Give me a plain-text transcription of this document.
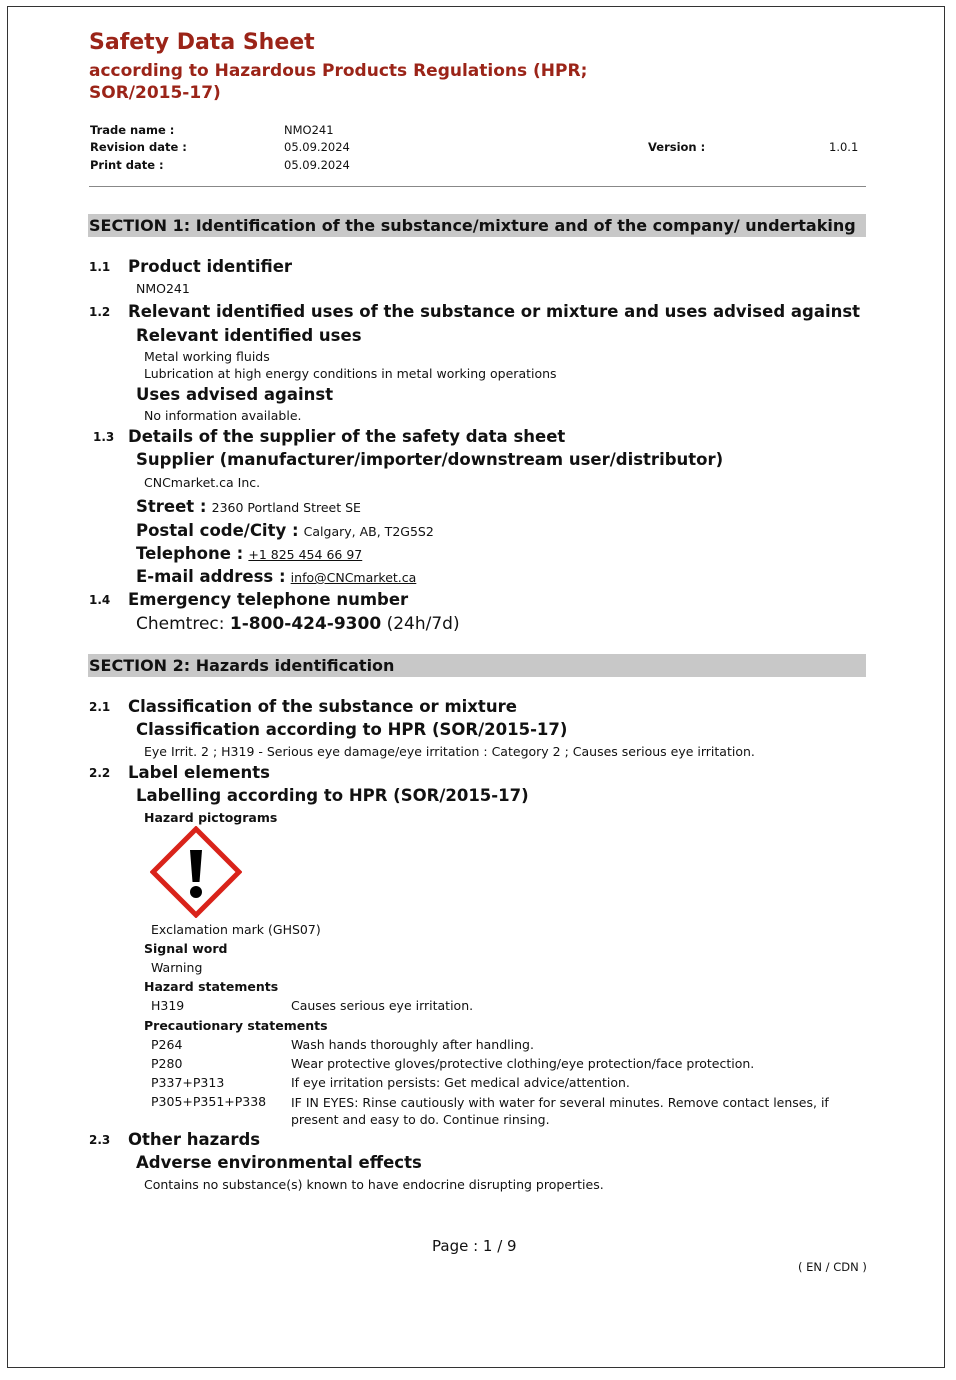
Safety Data Sheet
according to Hazardous Products Regulations (HPR; SOR/2015-17)
Trade name :	NMO241
Revision date :	05.09.2024	Version :	1.0.1
Print date :	05.09.2024
SECTION 1: Identification of the substance/mixture and of the company/ undertaking
1.1 Product identifier
NMO241
1.2 Relevant identified uses of the substance or mixture and uses advised against
Relevant identified uses
Metal working fluids
Lubrication at high energy conditions in metal working operations
Uses advised against
No information available.
1.3 Details of the supplier of the safety data sheet
Supplier (manufacturer/importer/downstream user/distributor)
CNCmarket.ca Inc.
Street : 2360 Portland Street SE
Postal code/City : Calgary, AB, T2G5S2
Telephone : +1 825 454 66 97
E-mail address : info@CNCmarket.ca
1.4 Emergency telephone number
Chemtrec: 1-800-424-9300 (24h/7d)
SECTION 2: Hazards identification
2.1 Classification of the substance or mixture
Classification according to HPR (SOR/2015-17)
Eye Irrit. 2 ; H319 - Serious eye damage/eye irritation : Category 2 ; Causes serious eye irritation.
2.2 Label elements
Labelling according to HPR (SOR/2015-17)
Hazard pictograms
Exclamation mark (GHS07)
Signal word
Warning
Hazard statements
H319	Causes serious eye irritation.
Precautionary statements
P264	Wash hands thoroughly after handling.
P280	Wear protective gloves/protective clothing/eye protection/face protection.
P337+P313	If eye irritation persists: Get medical advice/attention.
P305+P351+P338 IF IN EYES: Rinse cautiously with water for several minutes. Remove contact lenses, if present and easy to do. Continue rinsing.
2.3 Other hazards
Adverse environmental effects
Contains no substance(s) known to have endocrine disrupting properties.
Page : 1 / 9
( EN / CDN )
